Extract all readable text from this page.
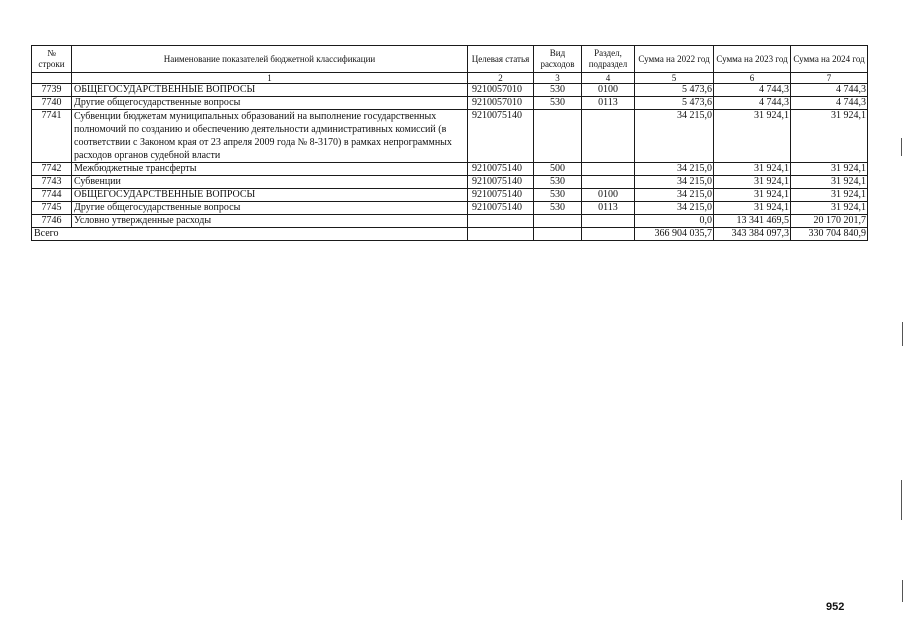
№ строки	Наименование показателей бюджетной классификации	Целевая статья	Вид расходов	Раздел, подраздел	Сумма на 2022 год	Сумма на 2023 год	Сумма на 2024 год
	1	2	3	4	5	6	7
7739	ОБЩЕГОСУДАРСТВЕННЫЕ ВОПРОСЫ	9210057010	530	0100	5 473,6	4 744,3	4 744,3
7740	Другие общегосударственные вопросы	9210057010	530	0113	5 473,6	4 744,3	4 744,3
7741	Субвенции бюджетам муниципальных образований на выполнение государственных полномочий по созданию и обеспечению деятельности административных комиссий (в соответствии с Законом края от 23 апреля 2009 года № 8-3170) в рамках непрограммных расходов органов судебной власти	9210075140			34 215,0	31 924,1	31 924,1
7742	Межбюджетные трансферты	9210075140	500		34 215,0	31 924,1	31 924,1
7743	Субвенции	9210075140	530		34 215,0	31 924,1	31 924,1
7744	ОБЩЕГОСУДАРСТВЕННЫЕ ВОПРОСЫ	9210075140	530	0100	34 215,0	31 924,1	31 924,1
7745	Другие общегосударственные вопросы	9210075140	530	0113	34 215,0	31 924,1	31 924,1
7746	Условно утвержденные расходы				0,0	13 341 469,5	20 170 201,7
Всего					366 904 035,7	343 384 097,3	330 704 840,9
952
